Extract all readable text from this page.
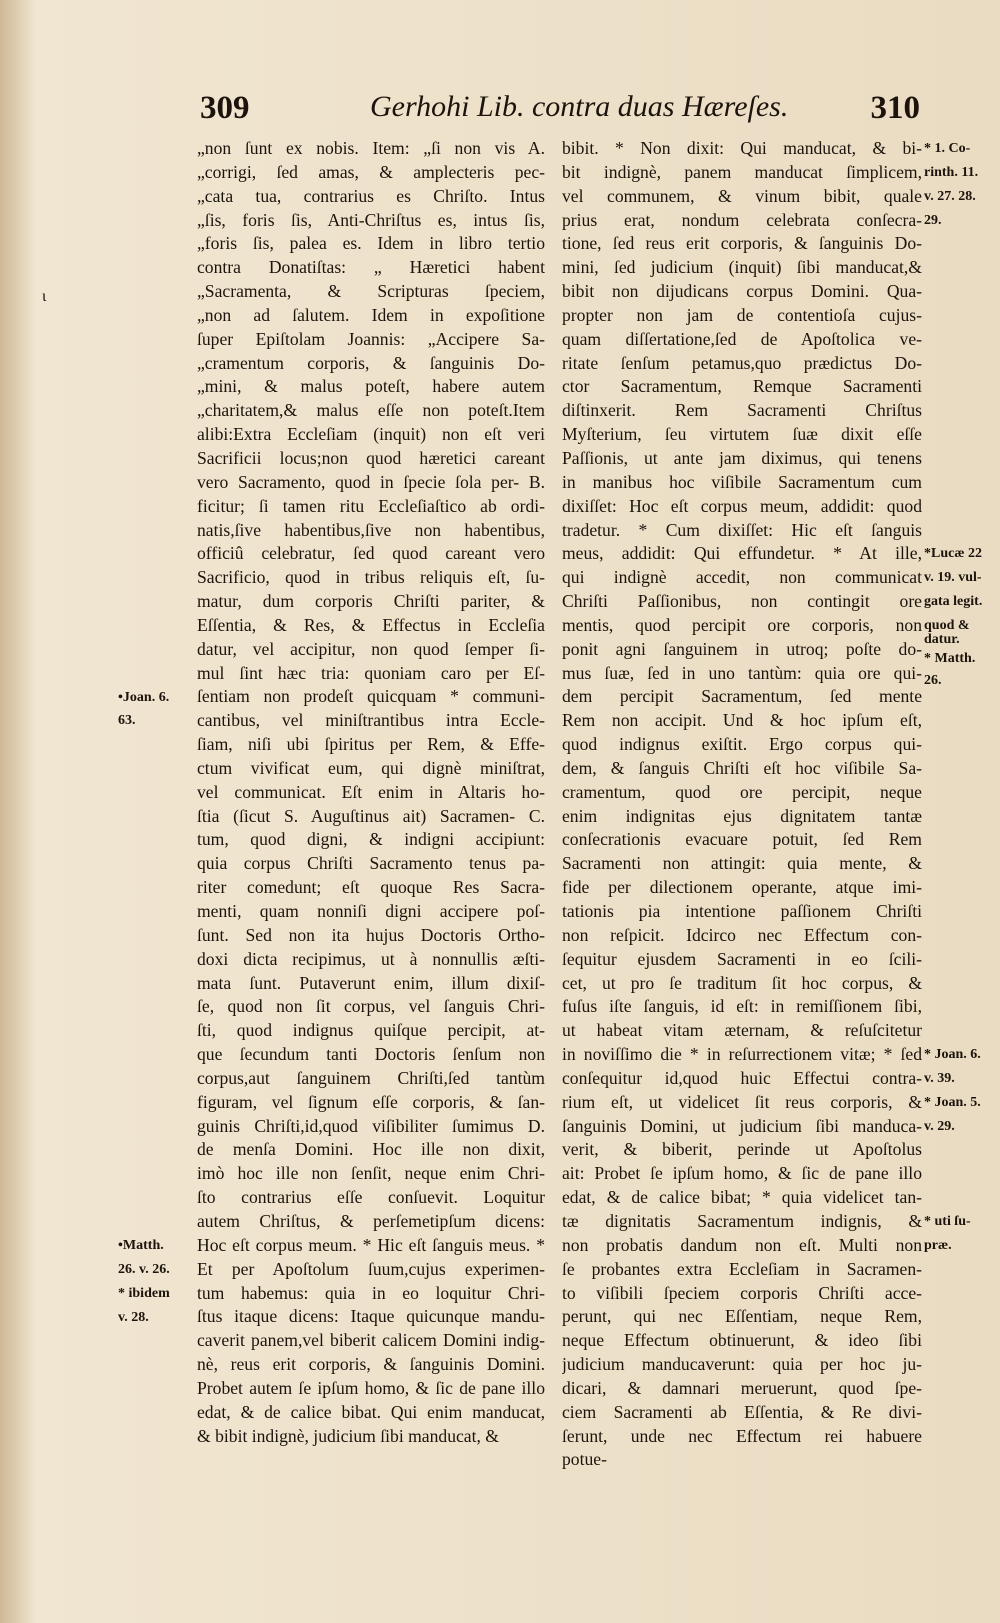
ι
309	Gerhohi Lib. contra duas Hæreſes. 310
„non ſunt ex nobis. Item: „ſi non vis A.
„corrigi, ſed amas, & amplecteris pec-
„cata tua, contrarius es Chriſto. Intus
„ſis, foris ſis, Anti-Chriſtus es, intus ſis,
„foris ſis, palea es. Idem in libro tertio
contra Donatiſtas: „ Hæretici habent
„Sacramenta, & Scripturas ſpeciem,
„non ad ſalutem. Idem in expoſitione
ſuper Epiſtolam Joannis: „Accipere Sa-
„cramentum corporis, & ſanguinis Do-
„mini, & malus poteſt, habere autem
„charitatem,& malus eſſe non poteſt.Item
alibi:Extra Eccleſiam (inquit) non eſt veri
Sacrificii locus;non quod hæretici careant
vero Sacramento, quod in ſpecie ſola per- B.
ficitur; ſi tamen ritu Eccleſiaſtico ab ordi-
natis,ſive habentibus,ſive non habentibus,
officiû celebratur, ſed quod careant vero
Sacrificio, quod in tribus reliquis eſt, ſu-
matur, dum corporis Chriſti pariter, &
Eſſentia, & Res, & Effectus in Eccleſia
datur, vel accipitur, non quod ſemper ſi-
mul ſint hæc tria: quoniam caro per Eſ-
ſentiam non prodeſt quicquam * communi-
cantibus, vel miniſtrantibus intra Eccle-
ſiam, niſi ubi ſpiritus per Rem, & Effe-
ctum vivificat eum, qui dignè miniſtrat,
vel communicat. Eſt enim in Altaris ho-
ſtia (ſicut S. Auguſtinus ait) Sacramen- C.
tum, quod digni, & indigni accipiunt:
quia corpus Chriſti Sacramento tenus pa-
riter comedunt; eſt quoque Res Sacra-
menti, quam nonniſi digni accipere poſ-
ſunt. Sed non ita hujus Doctoris Ortho-
doxi dicta recipimus, ut à nonnullis æſti-
mata ſunt. Putaverunt enim, illum dixiſ-
ſe, quod non ſit corpus, vel ſanguis Chri-
ſti, quod indignus quiſque percipit, at-
que ſecundum tanti Doctoris ſenſum non
corpus,aut ſanguinem Chriſti,ſed tantùm
figuram, vel ſignum eſſe corporis, & ſan-
guinis Chriſti,id,quod viſibiliter ſumimus D.
de menſa Domini. Hoc ille non dixit,
imò hoc ille non ſenſit, neque enim Chri-
ſto contrarius eſſe conſuevit. Loquitur
autem Chriſtus, & perſemetipſum dicens:
Hoc eſt corpus meum. * Hic eſt ſanguis meus. *
Et per Apoſtolum ſuum,cujus experimen-
tum habemus: quia in eo loquitur Chri-
ſtus itaque dicens: Itaque quicunque mandu-
caverit panem,vel biberit calicem Domini indig-
nè, reus erit corporis, & ſanguinis Domini.
Probet autem ſe ipſum homo, & ſic de pane illo
edat, & de calice bibat. Qui enim manducat,
& bibit indignè, judicium ſibi manducat, &
bibit. * Non dixit: Qui manducat, & bi-
bit indignè, panem manducat ſimplicem,
vel communem, & vinum bibit, quale
prius erat, nondum celebrata conſecra-
tione, ſed reus erit corporis, & ſanguinis Do-
mini, ſed judicium (inquit) ſibi manducat,&
bibit non dijudicans corpus Domini. Qua-
propter non jam de contentioſa cujus-
quam diſſertatione,ſed de Apoſtolica ve-
ritate ſenſum petamus,quo prædictus Do-
ctor Sacramentum, Remque Sacramenti
diſtinxerit. Rem Sacramenti Chriſtus
Myſterium, ſeu virtutem ſuæ dixit eſſe
Paſſionis, ut ante jam diximus, qui tenens
in manibus hoc viſibile Sacramentum cum
dixiſſet: Hoc eſt corpus meum, addidit: quod
tradetur. * Cum dixiſſet: Hic eſt ſanguis
meus, addidit: Qui effundetur. * At ille,
qui indignè accedit, non communicat
Chriſti Paſſionibus, non contingit ore
mentis, quod percipit ore corporis, non
ponit agni ſanguinem in utroq; poſte do-
mus ſuæ, ſed in uno tantùm: quia ore qui-
dem percipit Sacramentum, ſed mente
Rem non accipit. Und & hoc ipſum eſt,
quod indignus exiſtit. Ergo corpus qui-
dem, & ſanguis Chriſti eſt hoc viſibile Sa-
cramentum, quod ore percipit, neque
enim indignitas ejus dignitatem tantæ
conſecrationis evacuare potuit, ſed Rem
Sacramenti non attingit: quia mente, &
fide per dilectionem operante, atque imi-
tationis pia intentione paſſionem Chriſti
non reſpicit. Idcirco nec Effectum con-
ſequitur ejusdem Sacramenti in eo ſcili-
cet, ut pro ſe traditum ſit hoc corpus, &
fuſus iſte ſanguis, id eſt: in remiſſionem ſibi,
ut habeat vitam æternam, & reſuſcitetur
in noviſſimo die * in reſurrectionem vitæ; * ſed
conſequitur id,quod huic Effectui contra-
rium eſt, ut videlicet ſit reus corporis, &
ſanguinis Domini, ut judicium ſibi manduca-
verit, & biberit, perinde ut Apoſtolus
ait: Probet ſe ipſum homo, & ſic de pane illo
edat, & de calice bibat; * quia videlicet tan-
tæ dignitatis Sacramentum indignis, &
non probatis dandum non eſt. Multi non
ſe probantes extra Eccleſiam in Sacramen-
to viſibili ſpeciem corporis Chriſti acce-
perunt, qui nec Eſſentiam, neque Rem,
neque Effectum obtinuerunt, & ideo ſibi
judicium manducaverunt: quia per hoc ju-
dicari, & damnari meruerunt, quod ſpe-
ciem Sacramenti ab Eſſentia, & Re divi-
ſerunt, unde nec Effectum rei habuere
potue-
•Joan. 6.
63.
•Matth.
26. v. 26.
* ibidem
v. 28.
* 1. Co-
rinth. 11.
v. 27. 28.
29.
*Lucæ 22
v. 19. vul-
gata legit.
quod &
datur.
* Matth.
26.
* Joan. 6.
v. 39.
* Joan. 5.
v. 29.
* uti ſu-
præ.
